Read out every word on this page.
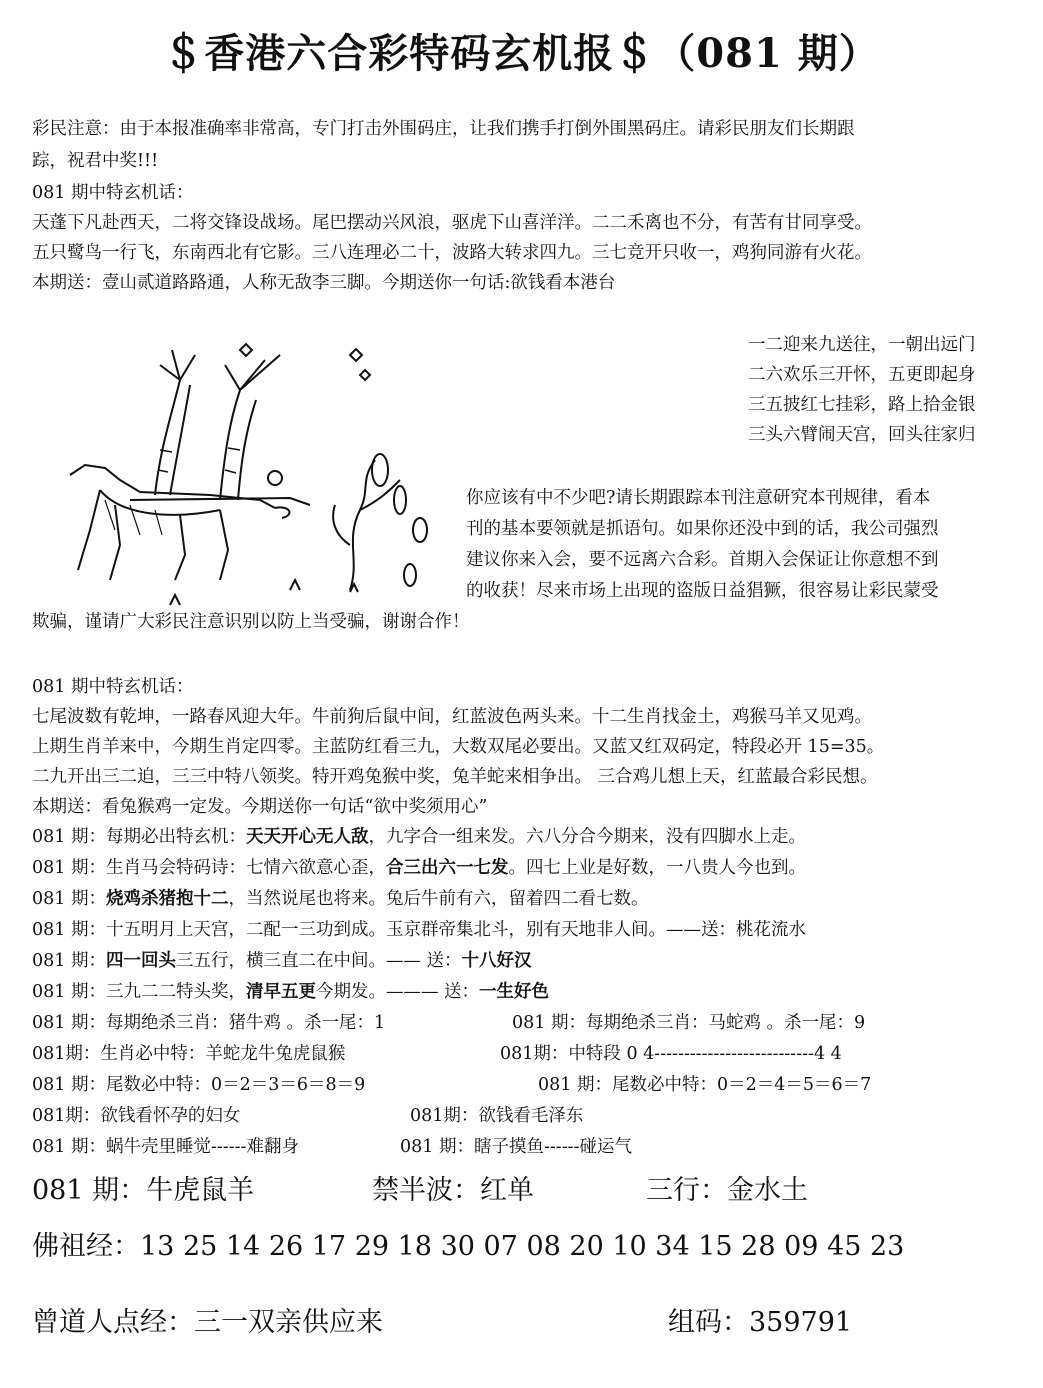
＄香港六合彩特码玄机报＄（081 期）
彩民注意：由于本报准确率非常高，专门打击外围码庄，让我们携手打倒外围黑码庄。请彩民朋友们长期跟
踪，祝君中奖!!!
081 期中特玄机话：
天蓬下凡赴西天，二将交锋设战场。尾巴摆动兴风浪，驱虎下山喜洋洋。二二禾离也不分，有苦有甘同享受。
五只鹭鸟一行飞，东南西北有它影。三八连理必二十，波路大转求四九。三七竞开只收一，鸡狗同游有火花。
本期送：壹山贰道路路通，人称无敌李三脚。今期送你一句话:欲钱看本港台
一二迎来九送往，一朝出远门
二六欢乐三开怀，五更即起身
三五披红七挂彩，路上拾金银
三头六臂闹天宫，回头往家归
你应该有中不少吧?请长期跟踪本刊注意研究本刊规律，看本
刊的基本要领就是抓语句。如果你还没中到的话，我公司强烈
建议你来入会，要不远离六合彩。首期入会保证让你意想不到
的收获！尽来市场上出现的盗版日益猖獗，很容易让彩民蒙受
欺骗，谨请广大彩民注意识别以防上当受骗，谢谢合作！
081 期中特玄机话：
七尾波数有乾坤，一路春风迎大年。牛前狗后鼠中间，红蓝波色两头来。十二生肖找金土，鸡猴马羊又见鸡。
上期生肖羊来中，今期生肖定四零。主蓝防红看三九，大数双尾必要出。又蓝又红双码定，特段必开 15=35。
二九开出三二迫，三三中特八领奖。特开鸡兔猴中奖，兔羊蛇来相争出。 三合鸡儿想上天，红蓝最合彩民想。
本期送：看兔猴鸡一定发。今期送你一句话“欲中奖须用心”
081 期：每期必出特玄机：天天开心无人敌，九字合一组来发。六八分合今期来，没有四脚水上走。
081 期：生肖马会特码诗：七情六欲意心歪，合三出六一七发。四七上业是好数，一八贵人今也到。
081 期：烧鸡杀猪抱十二，当然说尾也将来。兔后牛前有六，留着四二看七数。
081 期：十五明月上天宫，二配一三功到成。玉京群帝集北斗，别有天地非人间。——送：桃花流水
081 期：四一回头三五行，横三直二在中间。—— 送：十八好汉
081 期：三九二二特头奖，清早五更今期发。——— 送：一生好色
081 期：每期绝杀三肖：猪牛鸡 。杀一尾：1	081 期：每期绝杀三肖：马蛇鸡 。杀一尾：9
081期：生肖必中特：羊蛇龙牛兔虎鼠猴	081期：中特段 0 4---------------------------4 4
081 期：尾数必中特：0＝2＝3＝6＝8＝9	081 期：尾数必中特：0＝2＝4＝5＝6＝7
081期：欲钱看怀孕的妇女	081期：欲钱看毛泽东
081 期：蜗牛壳里睡觉------难翻身	081 期：瞎子摸鱼------碰运气
081 期：牛虎鼠羊	禁半波：红单	三行：金水土
佛祖经：13 25 14 26 17 29 18 30 07 08 20 10 34 15 28 09 45 23
曾道人点经：三一双亲供应来	组码：359791
